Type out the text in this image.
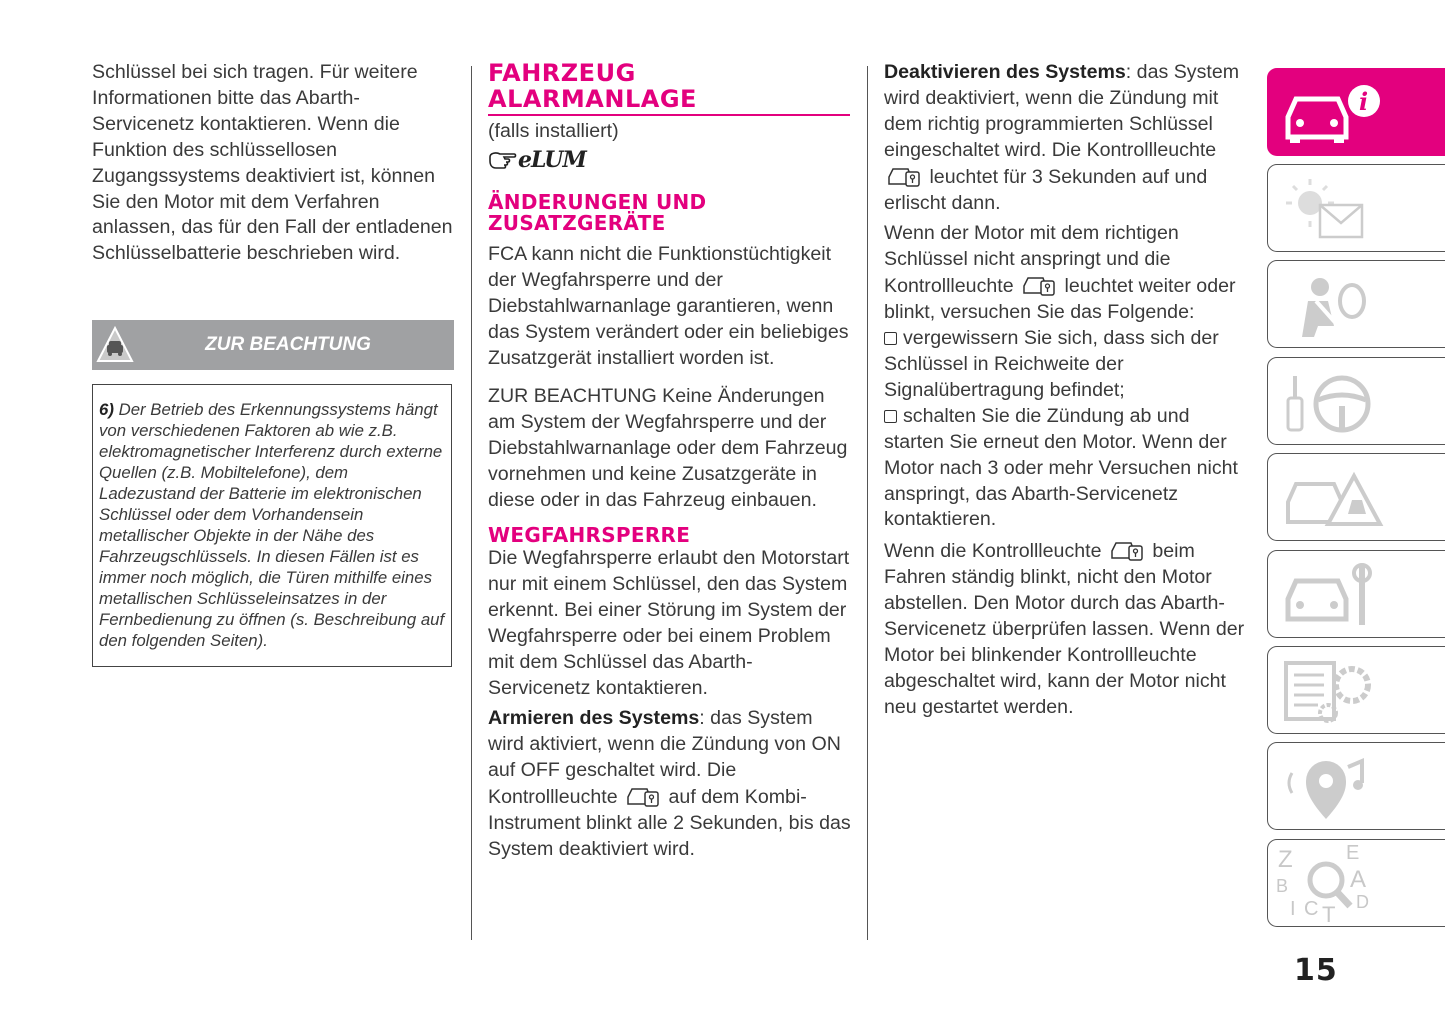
Schlüssel bei sich tragen. Für weitere Informationen bitte das Abarth-Servicenetz kontaktieren. Wenn die Funktion des schlüssellosen Zugangssystems deaktiviert ist, können Sie den Motor mit dem Verfahren anlassen, das für den Fall der entladenen Schlüsselbatterie beschrieben wird.

ZUR BEACHTUNG
6) Der Betrieb des Erkennungssystems hängt von verschiedenen Faktoren ab wie z.B. elektromagnetischer Interferenz durch externe Quellen (z.B. Mobiltelefone), dem Ladezustand der Batterie im elektronischen Schlüssel oder dem Vorhandensein metallischer Objekte in der Nähe des Fahrzeugschlüssels. In diesen Fällen ist es immer noch möglich, die Türen mithilfe eines metallischen Schlüsseleinsatzes in der Fernbedienung zu öffnen (s. Beschreibung auf den folgenden Seiten).
FAHRZEUG
ALARMANLAGE

(falls installiert)

eLUM
ÄNDERUNGEN UND
ZUSATZGERÄTE

FCA kann nicht die Funktionstüchtigkeit der Wegfahrsperre und der Diebstahlwarnanlage garantieren, wenn das System verändert oder ein beliebiges Zusatzgerät installiert worden ist.

ZUR BEACHTUNG Keine Änderungen am System der Wegfahrsperre und der Diebstahlwarnanlage oder dem Fahrzeug vornehmen und keine Zusatzgeräte in diese oder in das Fahrzeug einbauen.

WEGFAHRSPERRE

Die Wegfahrsperre erlaubt den Motorstart nur mit einem Schlüssel, den das System erkennt. Bei einer Störung im System der Wegfahrsperre oder bei einem Problem mit dem Schlüssel das Abarth-Servicenetz kontaktieren.

Armieren des Systems: das System wird aktiviert, wenn die Zündung von ON auf OFF geschaltet wird. Die Kontrollleuchte	auf dem Kombi-Instrument blinkt alle 2 Sekunden, bis das System deaktiviert wird.

Deaktivieren des Systems: das System wird deaktiviert, wenn die Zündung mit dem richtig programmierten Schlüssel eingeschaltet wird. Die Kontrollleuchte  leuchtet für 3 Sekunden auf und erlischt dann.

Wenn der Motor mit dem richtigen Schlüssel nicht anspringt und die Kontrollleuchte	leuchtet weiter oder blinkt, versuchen Sie das Folgende:

vergewissern Sie sich, dass sich der Schlüssel in Reichweite der Signalübertragung befindet;

schalten Sie die Zündung ab und starten Sie erneut den Motor. Wenn der Motor nach 3 oder mehr Versuchen nicht anspringt, das Abarth-Servicenetz kontaktieren.

Wenn die Kontrollleuchte	beim Fahren ständig blinkt, nicht den Motor abstellen. Den Motor durch das Abarth-Servicenetz überprüfen lassen. Wenn der Motor bei blinkender Kontrollleuchte abgeschaltet wird, kann der Motor nicht neu gestartet werden.

i
Z	E
B	A
I C T D
15
